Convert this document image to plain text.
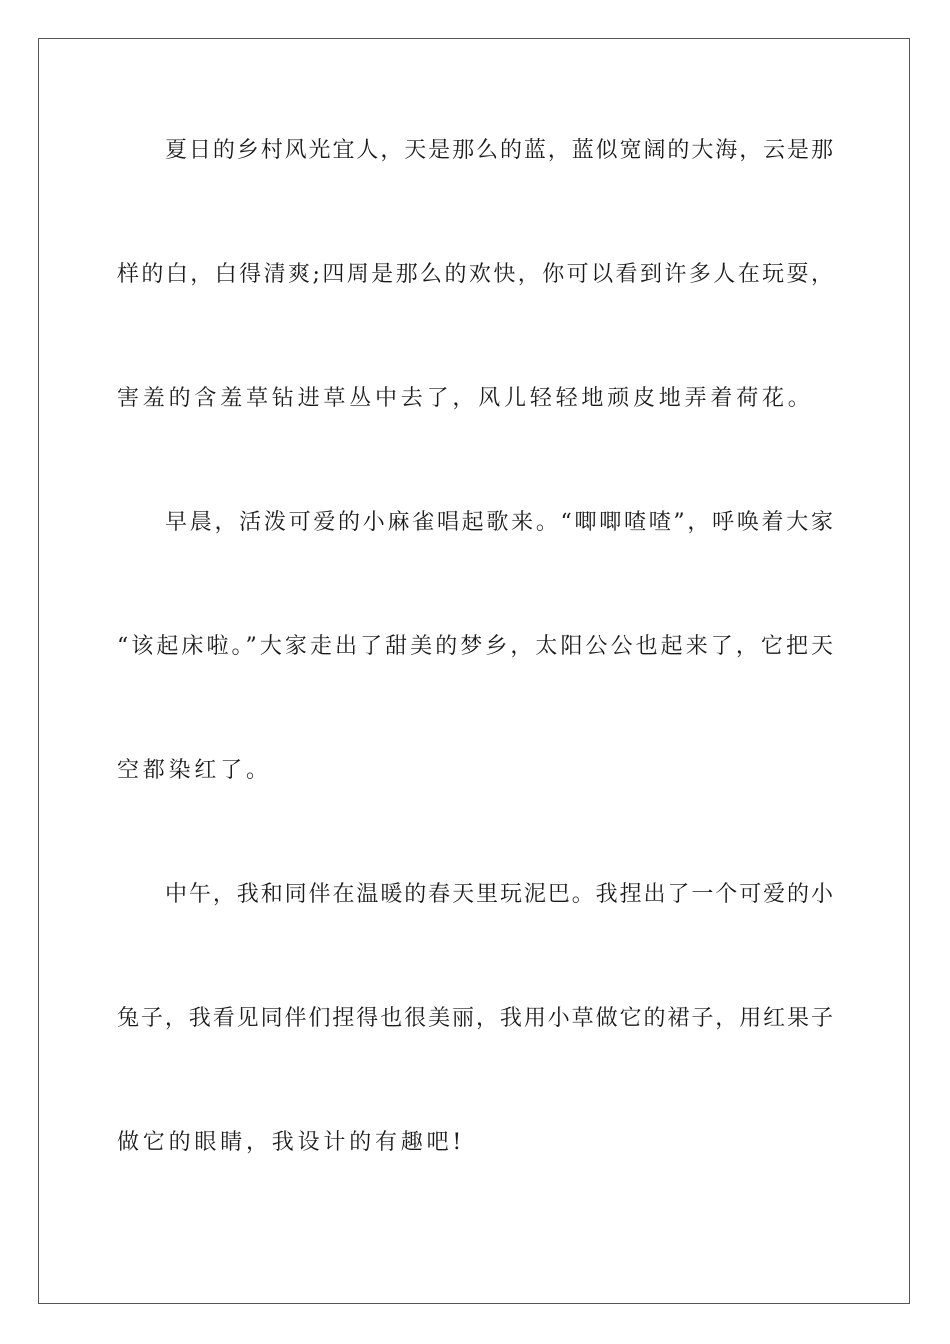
夏日的乡村风光宜人，天是那么的蓝，蓝似宽阔的大海，云是那
样的白，白得清爽;四周是那么的欢快，你可以看到许多人在玩耍，
害羞的含羞草钻进草丛中去了，风儿轻轻地顽皮地弄着荷花。
早晨，活泼可爱的小麻雀唱起歌来。“唧唧喳喳”，呼唤着大家
“该起床啦。”大家走出了甜美的梦乡，太阳公公也起来了，它把天
空都染红了。
中午，我和同伴在温暖的春天里玩泥巴。我捏出了一个可爱的小
兔子，我看见同伴们捏得也很美丽，我用小草做它的裙子，用红果子
做它的眼睛，我设计的有趣吧!
